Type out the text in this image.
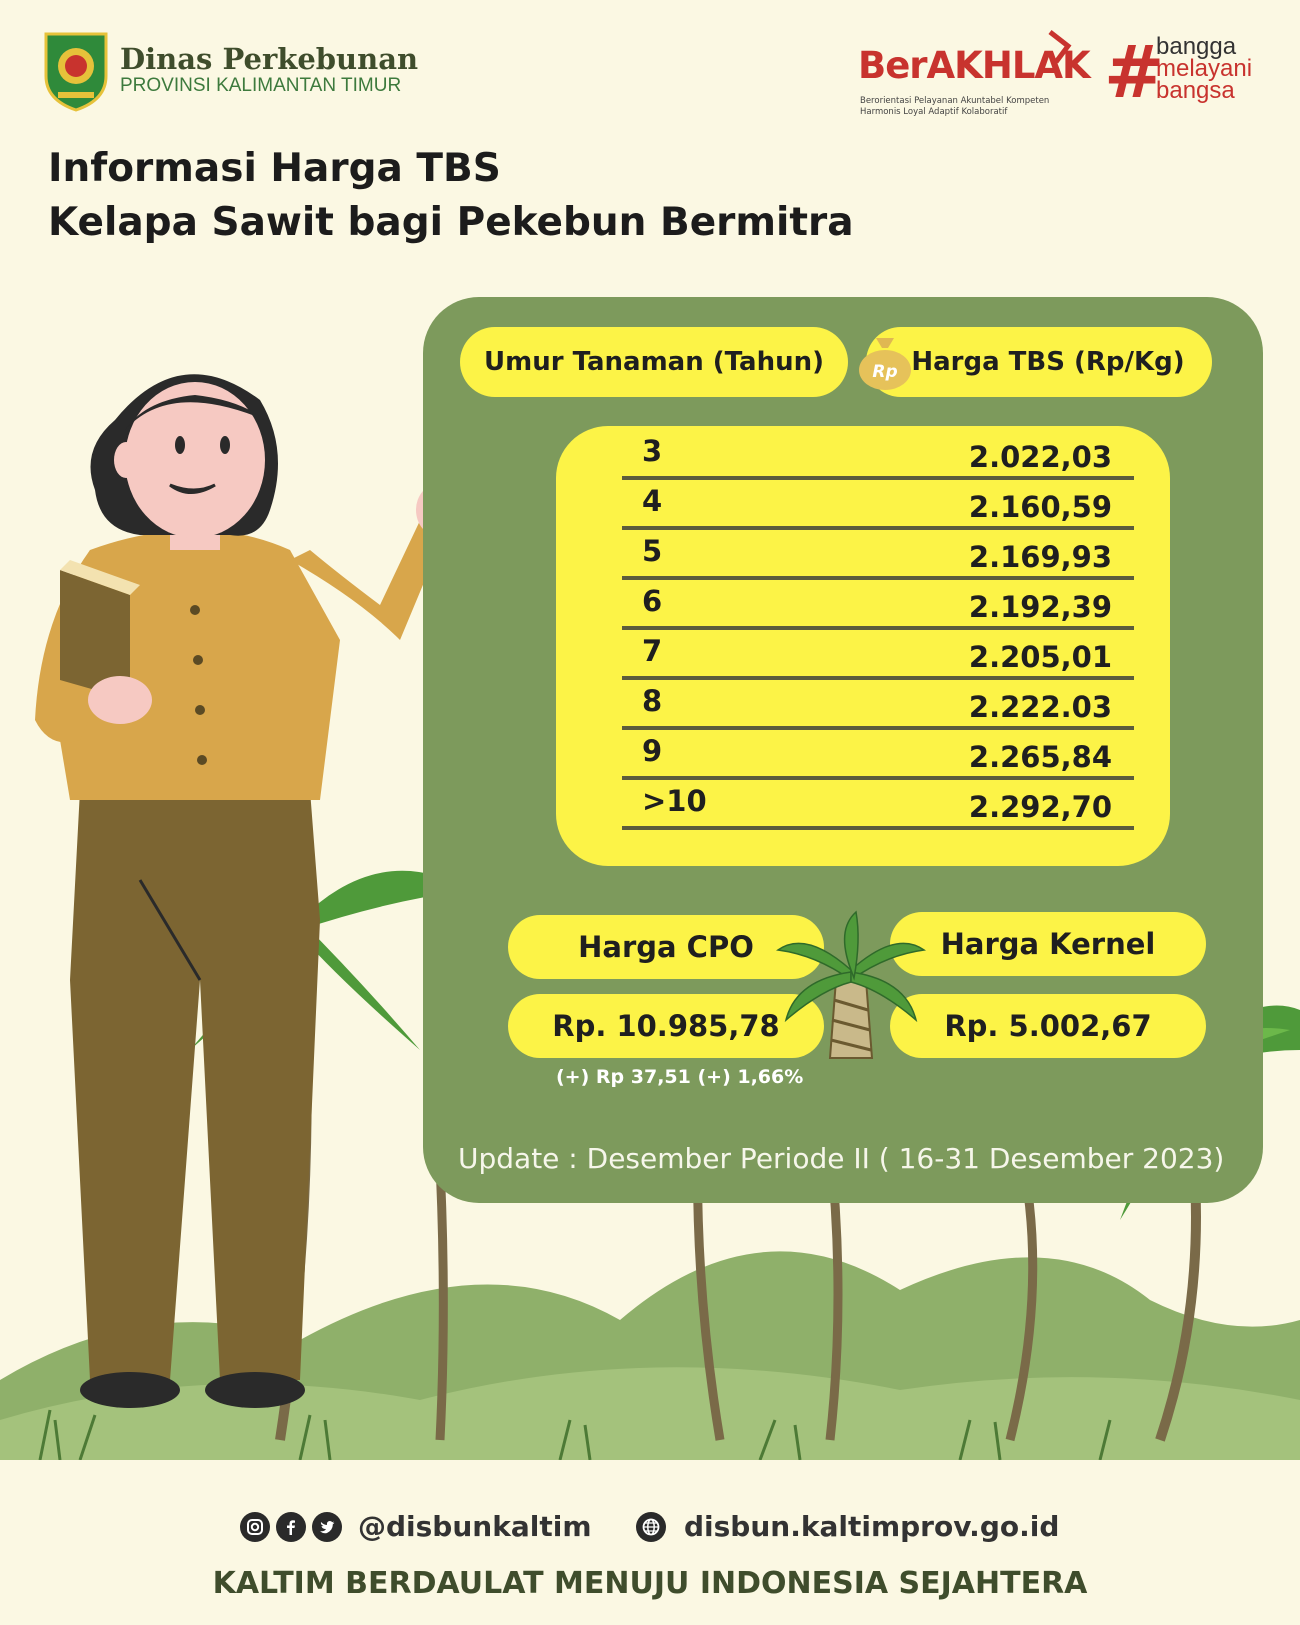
Dinas Perkebunan
PROVINSI KALIMANTAN TIMUR	BerAKHLAK
Berorientasi Pelayanan Akuntabel Kompeten
Harmonis Loyal Adaptif Kolaboratif	#
bangga
melayani
bangsa
Informasi Harga TBS
Kelapa Sawit bagi Pekebun Bermitra
Umur Tanaman (Tahun)	Harga TBS (Rp/Kg)
Rp
3	2.022,03
4	2.160,59
5	2.169,93
6	2.192,39
7	2.205,01
8	2.222.03
9	2.265,84
>10	2.292,70
Harga CPO
Rp. 10.985,78
(+) Rp 37,51 (+) 1,66%
Harga Kernel
Rp. 5.002,67
Update : Desember Periode II ( 16-31 Desember 2023)
@disbunkaltim	disbun.kaltimprov.go.id
KALTIM BERDAULAT MENUJU INDONESIA SEJAHTERA
